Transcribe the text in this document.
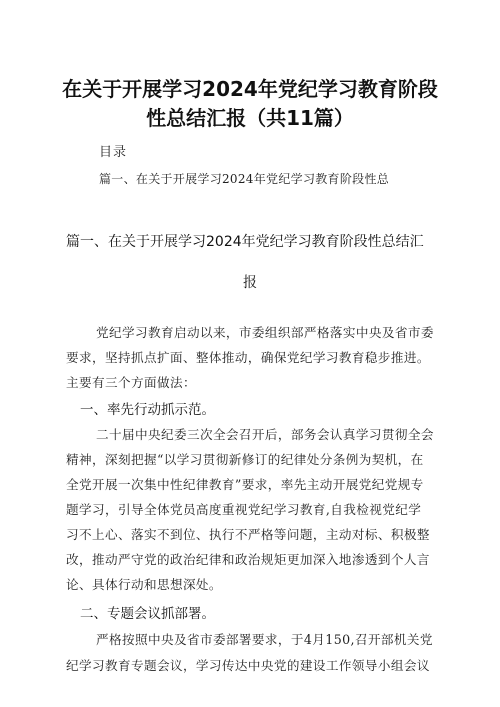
在关于开展学习2024年党纪学习教育阶段
性总结汇报（共11篇）
目录
篇一、在关于开展学习2024年党纪学习教育阶段性总
篇一、在关于开展学习2024年党纪学习教育阶段性总结汇
报
党纪学习教育启动以来，市委组织部严格落实中央及省市委
要求，坚持抓点扩面、整体推动，确保党纪学习教育稳步推进。
主要有三个方面做法：
一、率先行动抓示范。
二十届中央纪委三次全会召开后，部务会认真学习贯彻全会
精神，深刻把握“以学习贯彻新修订的纪律处分条例为契机，在
全党开展一次集中性纪律教育”要求，率先主动开展党纪党规专
题学习，引导全体党员高度重视党纪学习教育,自我检视党纪学
习不上心、落实不到位、执行不严格等问题，主动对标、积极整
改，推动严守党的政治纪律和政治规矩更加深入地渗透到个人言
论、具体行动和思想深处。
二、专题会议抓部署。
严格按照中央及省市委部署要求，于4月150,召开部机关党
纪学习教育专题会议，学习传达中央党的建设工作领导小组会议
